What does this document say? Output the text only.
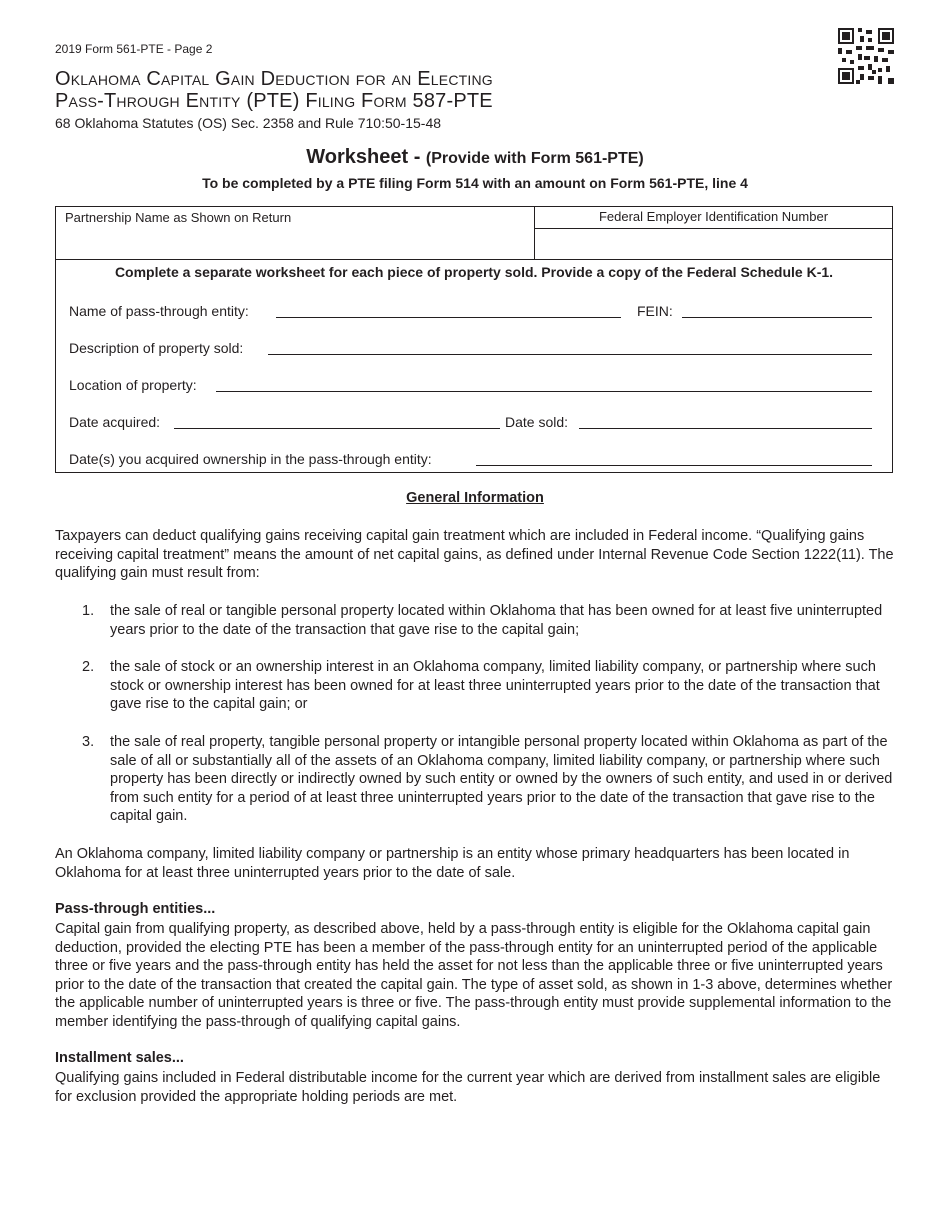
2019 Form 561-PTE - Page 2
Oklahoma Capital Gain Deduction for an Electing
Pass-Through Entity (PTE) Filing Form 587-PTE
68 Oklahoma Statutes (OS) Sec. 2358 and Rule 710:50-15-48
Worksheet - (Provide with Form 561-PTE)
To be completed by a PTE filing Form 514 with an amount on Form 561-PTE, line 4
Partnership Name as Shown on Return	Federal Employer Identification Number
Complete a separate worksheet for each piece of property sold. Provide a copy of the Federal Schedule K-1.
Name of pass-through entity:	FEIN:
Description of property sold:
Location of property:
Date acquired:	Date sold:
Date(s) you acquired ownership in the pass-through entity:
General Information
Taxpayers can deduct qualifying gains receiving capital gain treatment which are included in Federal income. “Qualifying gains receiving capital treatment” means the amount of net capital gains, as defined under Internal Revenue Code Section 1222(11). The qualifying gain must result from:
1. the sale of real or tangible personal property located within Oklahoma that has been owned for at least five uninterrupted years prior to the date of the transaction that gave rise to the capital gain;
2. the sale of stock or an ownership interest in an Oklahoma company, limited liability company, or partnership where such stock or ownership interest has been owned for at least three uninterrupted years prior to the date of the transaction that gave rise to the capital gain; or
3. the sale of real property, tangible personal property or intangible personal property located within Oklahoma as part of the sale of all or substantially all of the assets of an Oklahoma company, limited liability company, or partnership where such property has been directly or indirectly owned by such entity or owned by the owners of such entity, and used in or derived from such entity for a period of at least three uninterrupted years prior to the date of the transaction that gave rise to the capital gain.
An Oklahoma company, limited liability company or partnership is an entity whose primary headquarters has been located in Oklahoma for at least three uninterrupted years prior to the date of sale.
Pass-through entities...
Capital gain from qualifying property, as described above, held by a pass-through entity is eligible for the Oklahoma capital gain deduction, provided the electing PTE has been a member of the pass-through entity for an uninterrupted period of the applicable three or five years and the pass-through entity has held the asset for not less than the applicable three or five uninterrupted years prior to the date of the transaction that created the capital gain. The type of asset sold, as shown in 1-3 above, determines whether the applicable number of uninterrupted years is three or five. The pass-through entity must provide supplemental information to the member identifying the pass-through of qualifying capital gains.
Installment sales...
Qualifying gains included in Federal distributable income for the current year which are derived from installment sales are eligible for exclusion provided the appropriate holding periods are met.
